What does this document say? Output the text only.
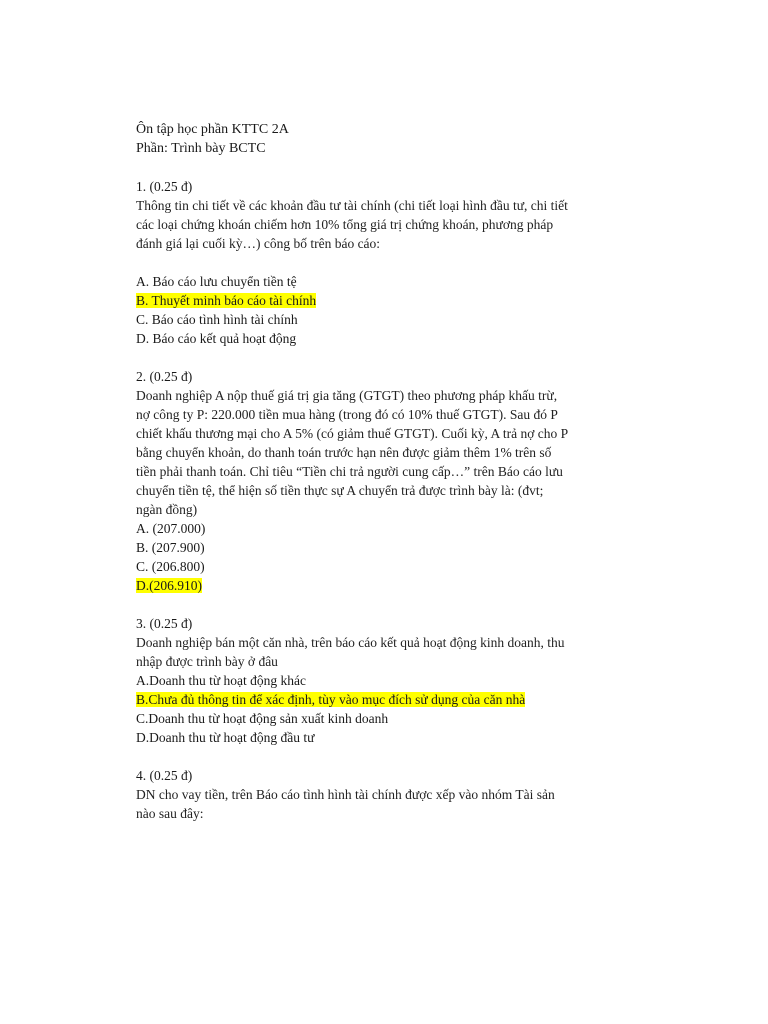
Ôn tập học phần KTTC 2A
Phần: Trình bày BCTC
1. (0.25 đ)
Thông tin chi tiết về các khoản đầu tư tài chính (chi tiết loại hình đầu tư, chi tiết
các loại chứng khoán chiếm hơn 10% tổng giá trị chứng khoán, phương pháp
đánh giá lại cuối kỳ…) công bố trên báo cáo:
A. Báo cáo lưu chuyển tiền tệ
B. Thuyết minh báo cáo tài chính
C. Báo cáo tình hình tài chính
D. Báo cáo kết quả hoạt động
2. (0.25 đ)
Doanh nghiệp A nộp thuế giá trị gia tăng (GTGT) theo phương pháp khấu trừ,
nợ công ty P: 220.000 tiền mua hàng (trong đó có 10% thuế GTGT). Sau đó P
chiết khấu thương mại cho A 5% (có giảm thuế GTGT). Cuối kỳ, A trả nợ cho P
bằng chuyển khoản, do thanh toán trước hạn nên được giảm thêm 1% trên số
tiền phải thanh toán. Chỉ tiêu “Tiền chi trả người cung cấp…” trên Báo cáo lưu
chuyển tiền tệ, thể hiện số tiền thực sự A chuyển trả được trình bày là: (đvt;
ngàn đồng)
A. (207.000)
B. (207.900)
C. (206.800)
D.(206.910)
3. (0.25 đ)
Doanh nghiệp bán một căn nhà, trên báo cáo kết quả hoạt động kinh doanh, thu
nhập được trình bày ở đâu
A.Doanh thu từ hoạt động khác
B.Chưa đủ thông tin để xác định, tùy vào mục đích sử dụng của căn nhà
C.Doanh thu từ hoạt động sản xuất kinh doanh
D.Doanh thu từ hoạt động đầu tư
4. (0.25 đ)
DN cho vay tiền, trên Báo cáo tình hình tài chính được xếp vào nhóm Tài sản
nào sau đây:
